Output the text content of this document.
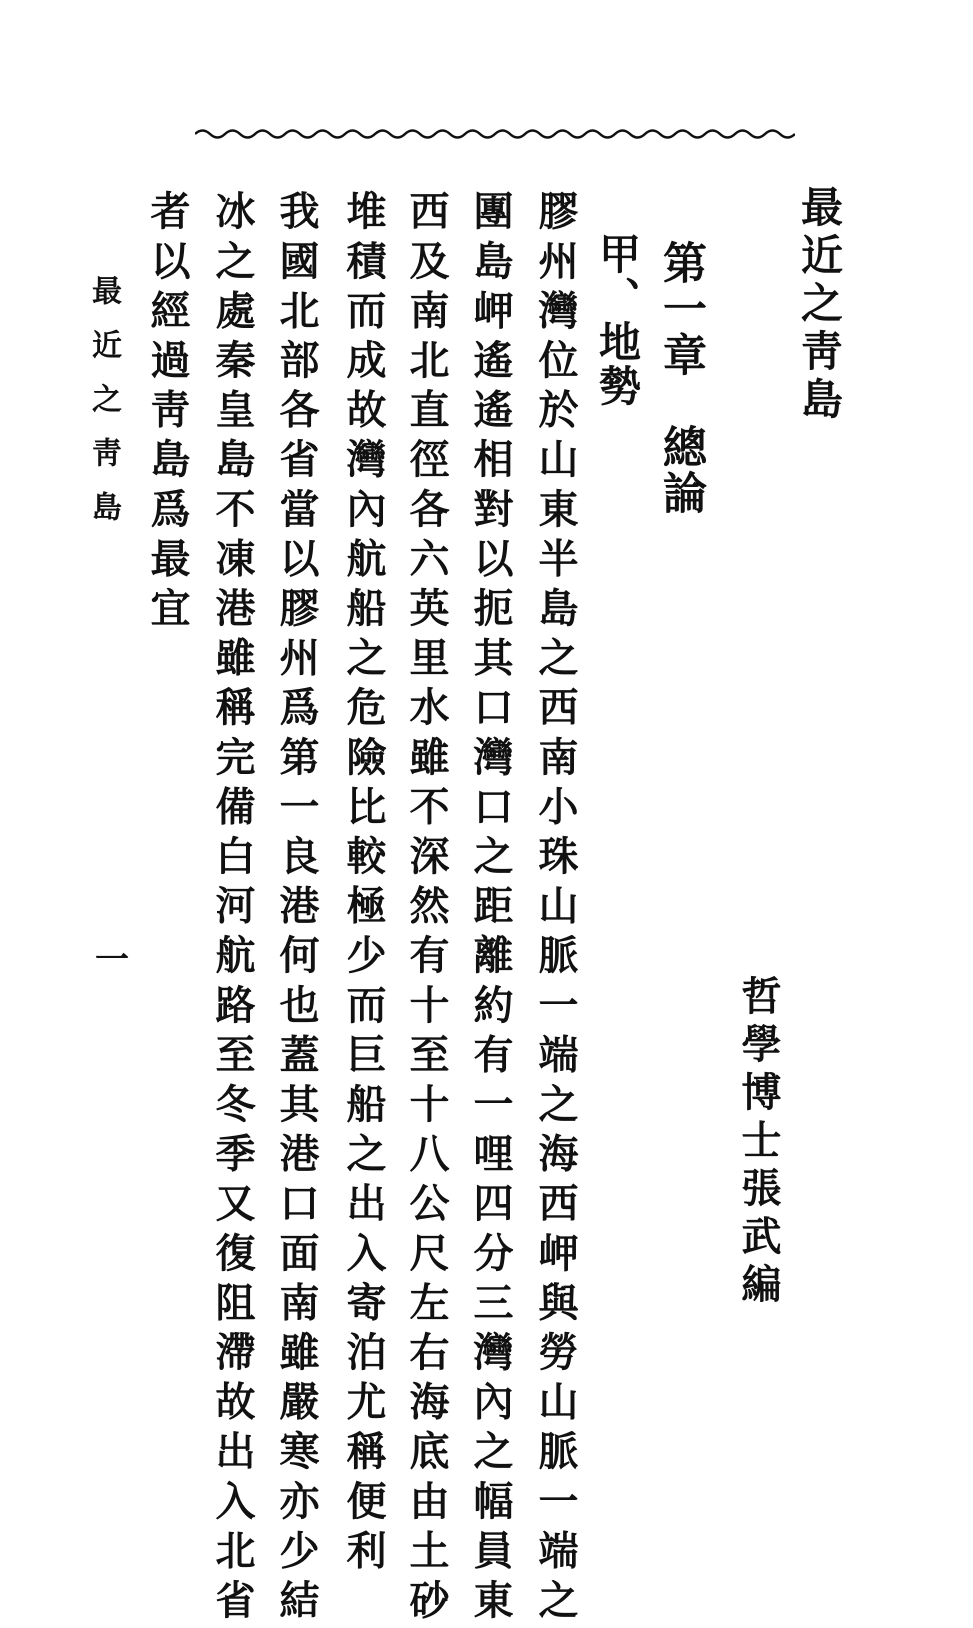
最近之靑島
哲學博士張武編
第一章　總論
甲、地勢
膠州灣位於山東半島之西南小珠山脈一端之海西岬與勞山脈一端之
團島岬遙遙相對以扼其口灣口之距離約有一哩四分三灣內之幅員東
西及南北直徑各六英里水雖不深然有十至十八公尺左右海底由土砂
堆積而成故灣內航船之危險比較極少而巨船之出入寄泊尤稱便利
我國北部各省當以膠州爲第一良港何也蓋其港口面南雖嚴寒亦少結
冰之處秦皇島不凍港雖稱完備白河航路至冬季又復阻滯故出入北省
者以經過靑島爲最宜
最近之靑島
一
